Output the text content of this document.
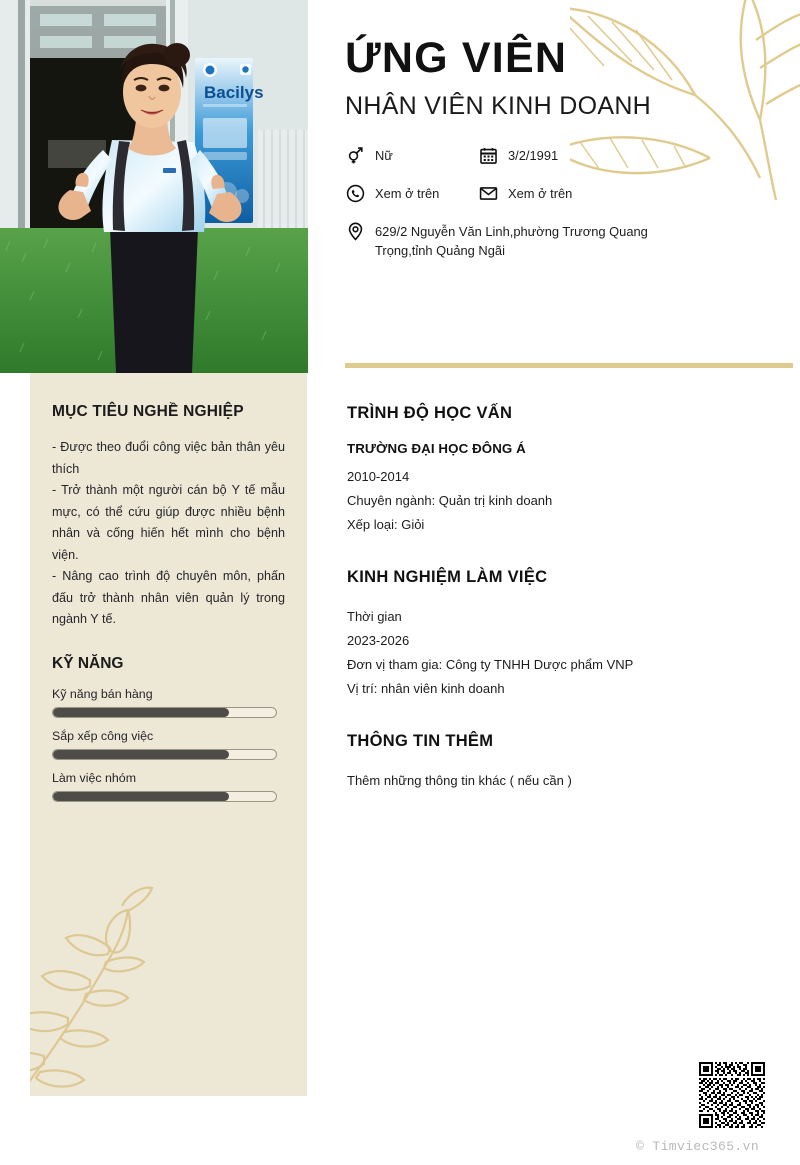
Bacilys
MỤC TIÊU NGHỀ NGHIỆP

- Được theo đuổi công việc bản thân yêu thích

- Trở thành một người cán bộ Y tế mẫu mực, có thể cứu giúp được nhiều bệnh nhân và cống hiến hết mình cho bệnh viện.

- Nâng cao trình độ chuyên môn, phấn đấu trở thành nhân viên quản lý trong ngành Y tế.

KỸ NĂNG
Kỹ năng bán hàng
Sắp xếp công việc
Làm việc nhóm
ỨNG VIÊN
NHÂN VIÊN KINH DOANH
Nữ	3/2/1991
Xem ở trên	Xem ở trên
629/2 Nguyễn Văn Linh,phường Trương Quang Trọng,tỉnh Quảng Ngãi
TRÌNH ĐỘ HỌC VẤN
TRƯỜNG ĐẠI HỌC ĐÔNG Á
2010-2014
Chuyên ngành: Quản trị kinh doanh
Xếp loại: Giỏi
KINH NGHIỆM LÀM VIỆC
Thời gian
2023-2026
Đơn vị tham gia: Công ty TNHH Dược phẩm VNP
Vị trí: nhân viên kinh doanh
THÔNG TIN THÊM
Thêm những thông tin khác ( nếu cần )
© Timviec365.vn
